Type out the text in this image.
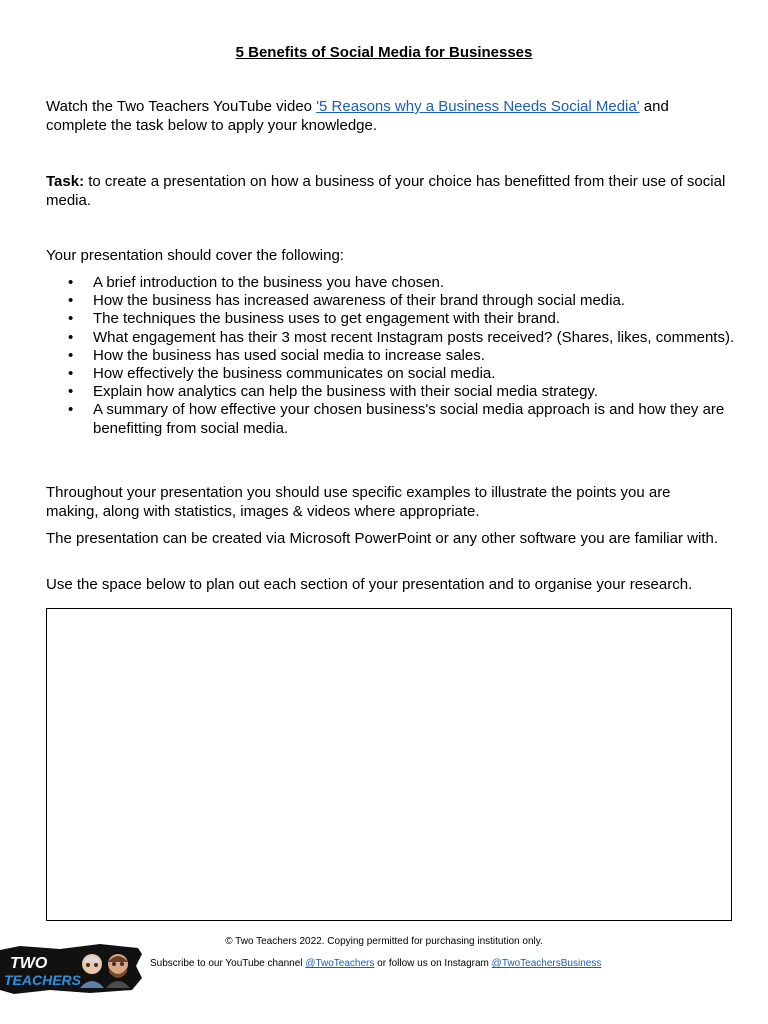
5 Benefits of Social Media for Businesses

Watch the Two Teachers YouTube video '5 Reasons why a Business Needs Social Media' and complete the task below to apply your knowledge.

Task: to create a presentation on how a business of your choice has benefitted from their use of social media.

Your presentation should cover the following:

• A brief introduction to the business you have chosen.
• How the business has increased awareness of their brand through social media.
• The techniques the business uses to get engagement with their brand.
• What engagement has their 3 most recent Instagram posts received? (Shares, likes, comments).
• How the business has used social media to increase sales.
• How effectively the business communicates on social media.
• Explain how analytics can help the business with their social media strategy.
• A summary of how effective your chosen business's social media approach is and how they are benefitting from social media.

Throughout your presentation you should use specific examples to illustrate the points you are making, along with statistics, images & videos where appropriate.

The presentation can be created via Microsoft PowerPoint or any other software you are familiar with.

Use the space below to plan out each section of your presentation and to organise your research.

© Two Teachers 2022. Copying permitted for purchasing institution only.

Subscribe to our YouTube channel @TwoTeachers or follow us on Instagram @TwoTeachersBusiness

TWO
TEACHERS
